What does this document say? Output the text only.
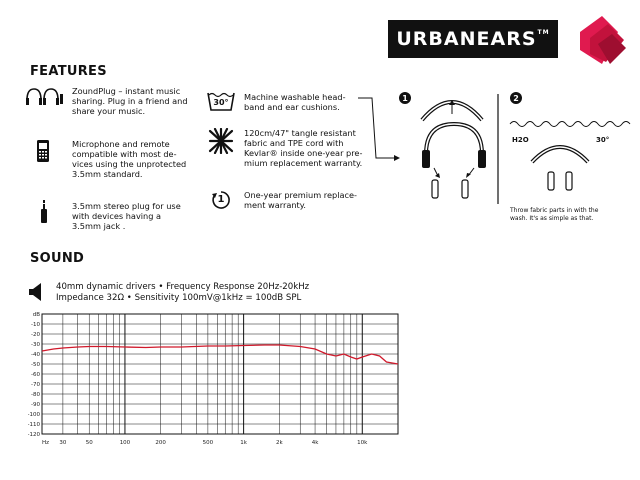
URBANEARS™
FEATURES
ZoundPlug – instant music
sharing. Plug in a friend and
share your music.
Microphone and remote
compatible with most de-
vices using the unprotected
3.5mm standard.
3.5mm stereo plug for use
with devices having a
3.5mm jack .
30°
Machine washable head-
band and ear cushions.
120cm/47" tangle resistant
fabric and TPE cord with
Kevlar® inside one-year pre-
mium replacement warranty.
1	One-year premium replace-
ment warranty.
1	2
H2O	30°
Throw fabric parts in with the
wash. It's as simple as that.
SOUND
40mm dynamic drivers • Frequency Response 20Hz-20kHz
Impedance 32Ω • Sensitivity 100mV@1kHz = 100dB SPL
dB
-10
-20
-30
-40
-50
-60
-70
-80
-90
-100
-110
-120
Hz 30	50	100	200	500	1k	2k	4k	10k
